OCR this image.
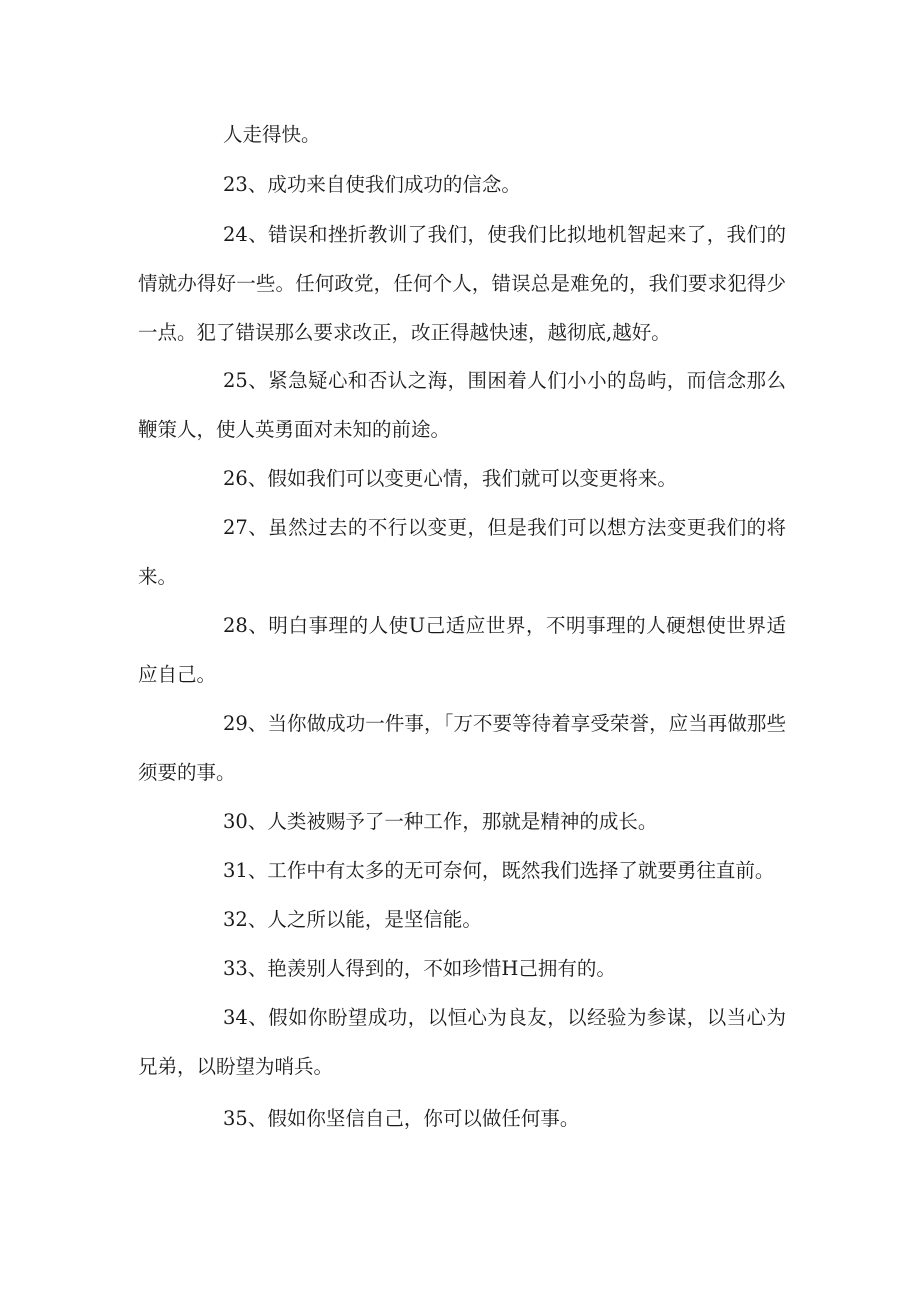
人走得快。

23、成功来自使我们成功的信念。

24、错误和挫折教训了我们，使我们比拟地机智起来了，我们的情就办得好一些。任何政党，任何个人，错误总是难免的，我们要求犯得少一点。犯了错误那么要求改正，改正得越快速，越彻底,越好。

25、紧急疑心和否认之海，围困着人们小小的岛屿，而信念那么鞭策人，使人英勇面对未知的前途。

26、假如我们可以变更心情，我们就可以变更将来。

27、虽然过去的不行以变更，但是我们可以想方法变更我们的将来。

28、明白事理的人使U己适应世界，不明事理的人硬想使世界适应自己。

29、当你做成功一件事，「万不要等待着享受荣誉，应当再做那些须要的事。

30、人类被赐予了一种工作，那就是精神的成长。

31、工作中有太多的无可奈何，既然我们选择了就要勇往直前。

32、人之所以能，是坚信能。

33、艳羡别人得到的，不如珍惜H己拥有的。

34、假如你盼望成功，以恒心为良友，以经验为参谋，以当心为兄弟，以盼望为哨兵。

35、假如你坚信自己，你可以做任何事。
